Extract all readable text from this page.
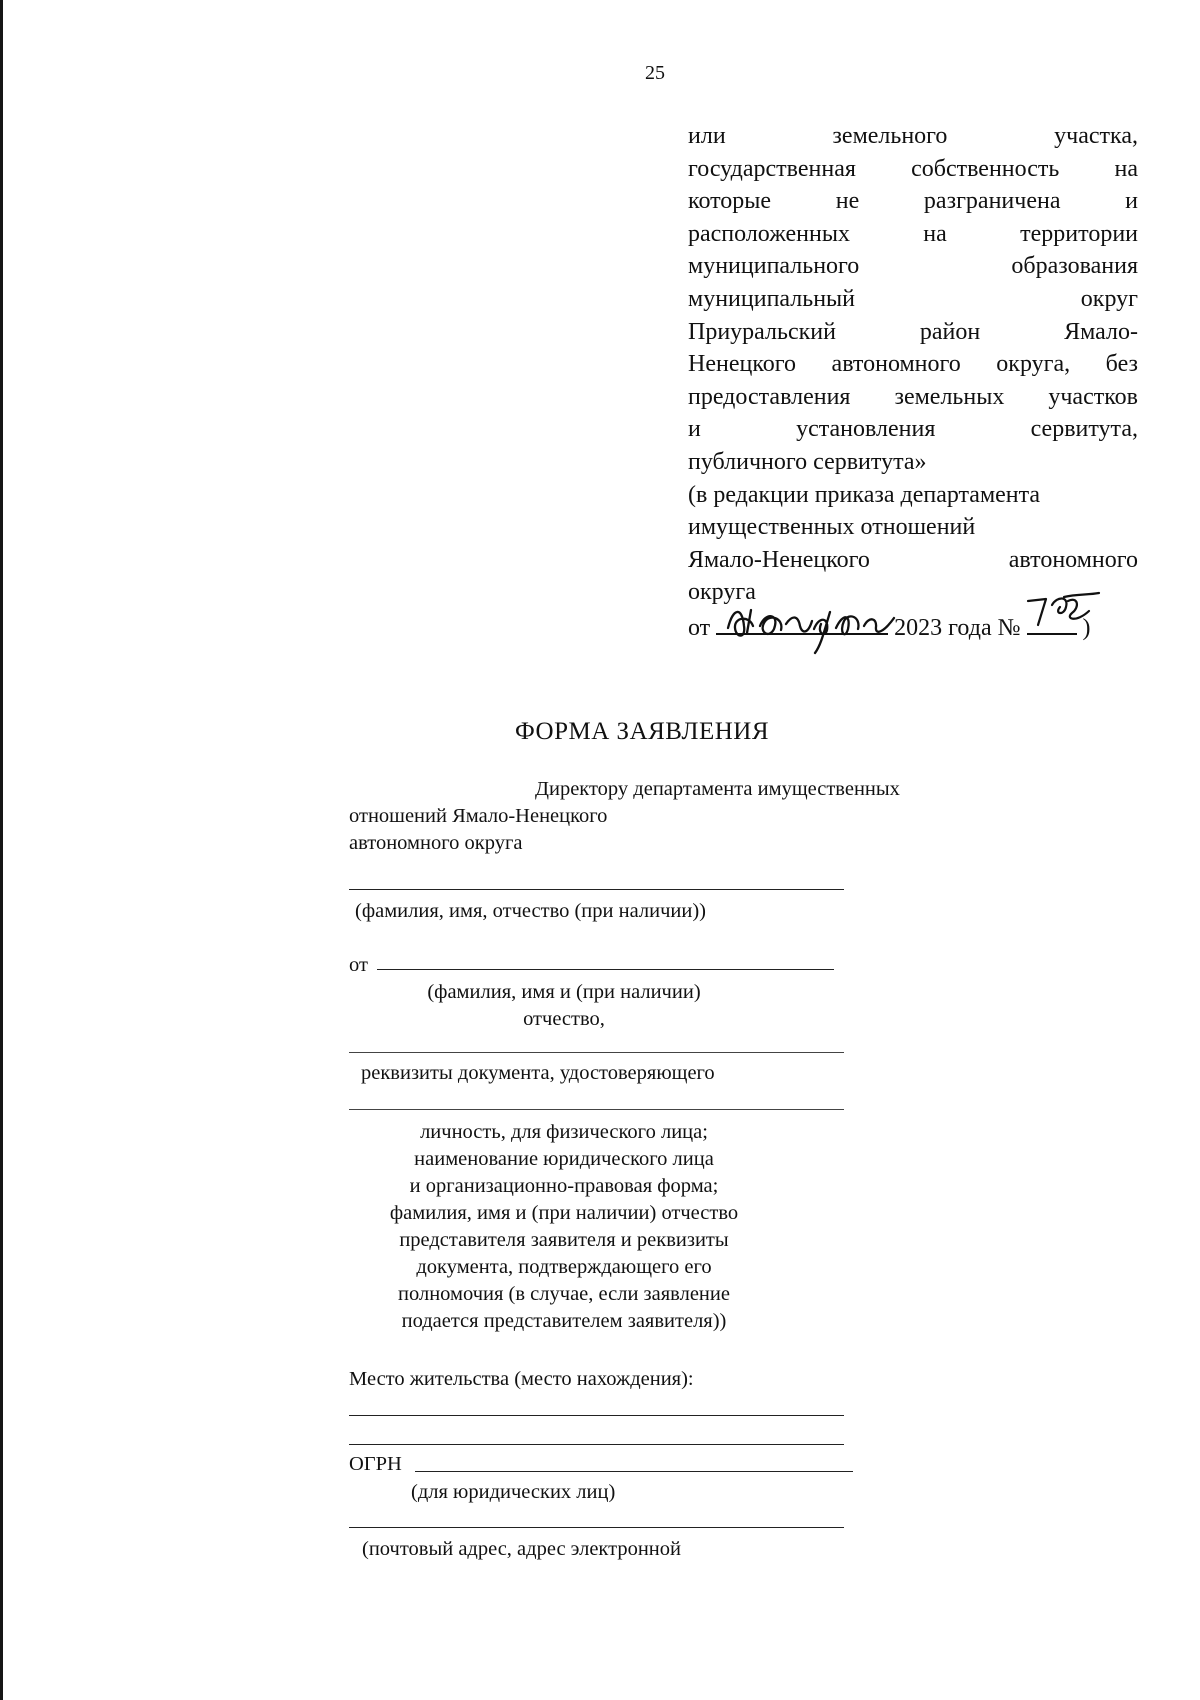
25
или земельного участка,
государственная собственность на
которые не разграничена и
расположенных на территории
муниципального образования
муниципальный округ
Приуральский район Ямало-
Ненецкого автономного округа, без
предоставления земельных участков
и установления сервитута,
публичного сервитута»
(в редакции приказа департамента
имущественных отношений
Ямало-Ненецкого автономного
округа
от	2023 года №	)
ФОРМА ЗАЯВЛЕНИЯ
Директору департамента имущественных
отношений Ямало-Ненецкого
автономного округа
(фамилия, имя, отчество (при наличии))
от
(фамилия, имя и (при наличии)
отчество,
реквизиты документа, удостоверяющего
личность, для физического лица;
наименование юридического лица
и организационно-правовая форма;
фамилия, имя и (при наличии) отчество
представителя заявителя и реквизиты
документа, подтверждающего его
полномочия (в случае, если заявление
подается представителем заявителя))
Место жительства (место нахождения):
ОГРН
(для юридических лиц)
(почтовый адрес, адрес электронной
